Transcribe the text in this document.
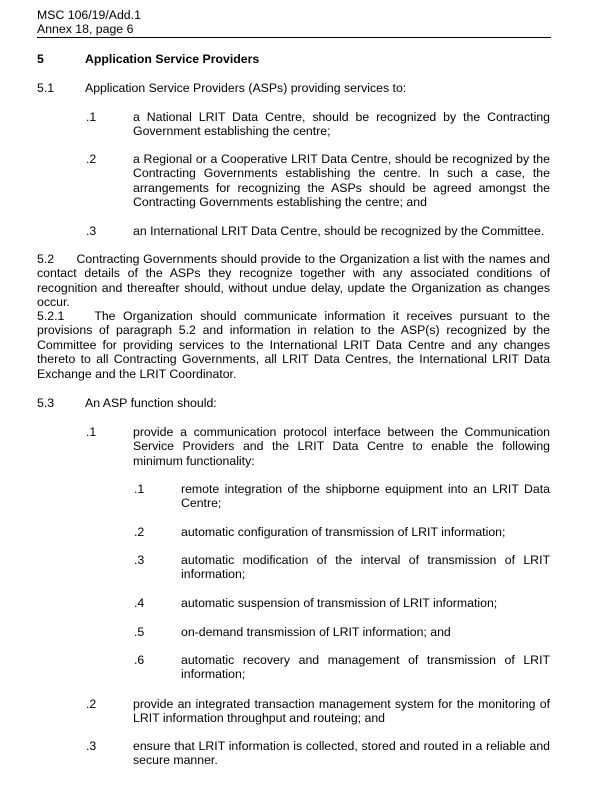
MSC 106/19/Add.1
Annex 18, page 6
5	Application Service Providers
5.1	Application Service Providers (ASPs) providing services to:
.1	a National LRIT Data Centre, should be recognized by the Contracting Government establishing the centre;
.2	a Regional or a Cooperative LRIT Data Centre, should be recognized by the Contracting Governments establishing the centre. In such a case, the arrangements for recognizing the ASPs should be agreed amongst the Contracting Governments establishing the centre; and
.3	an International LRIT Data Centre, should be recognized by the Committee.
5.2      Contracting Governments should provide to the Organization a list with the names and contact details of the ASPs they recognize together with any associated conditions of recognition and thereafter should, without undue delay, update the Organization as changes occur.
5.2.1    The Organization should communicate information it receives pursuant to the provisions of paragraph 5.2 and information in relation to the ASP(s) recognized by the Committee for providing services to the International LRIT Data Centre and any changes thereto to all Contracting Governments, all LRIT Data Centres, the International LRIT Data Exchange and the LRIT Coordinator.
5.3	An ASP function should:
.1	provide a communication protocol interface between the Communication Service Providers and the LRIT Data Centre to enable the following minimum functionality:
.1	remote integration of the shipborne equipment into an LRIT Data Centre;
.2	automatic configuration of transmission of LRIT information;
.3	automatic modification of the interval of transmission of LRIT information;
.4	automatic suspension of transmission of LRIT information;
.5	on-demand transmission of LRIT information; and
.6	automatic recovery and management of transmission of LRIT information;
.2	provide an integrated transaction management system for the monitoring of LRIT information throughput and routeing; and
.3	ensure that LRIT information is collected, stored and routed in a reliable and secure manner.
